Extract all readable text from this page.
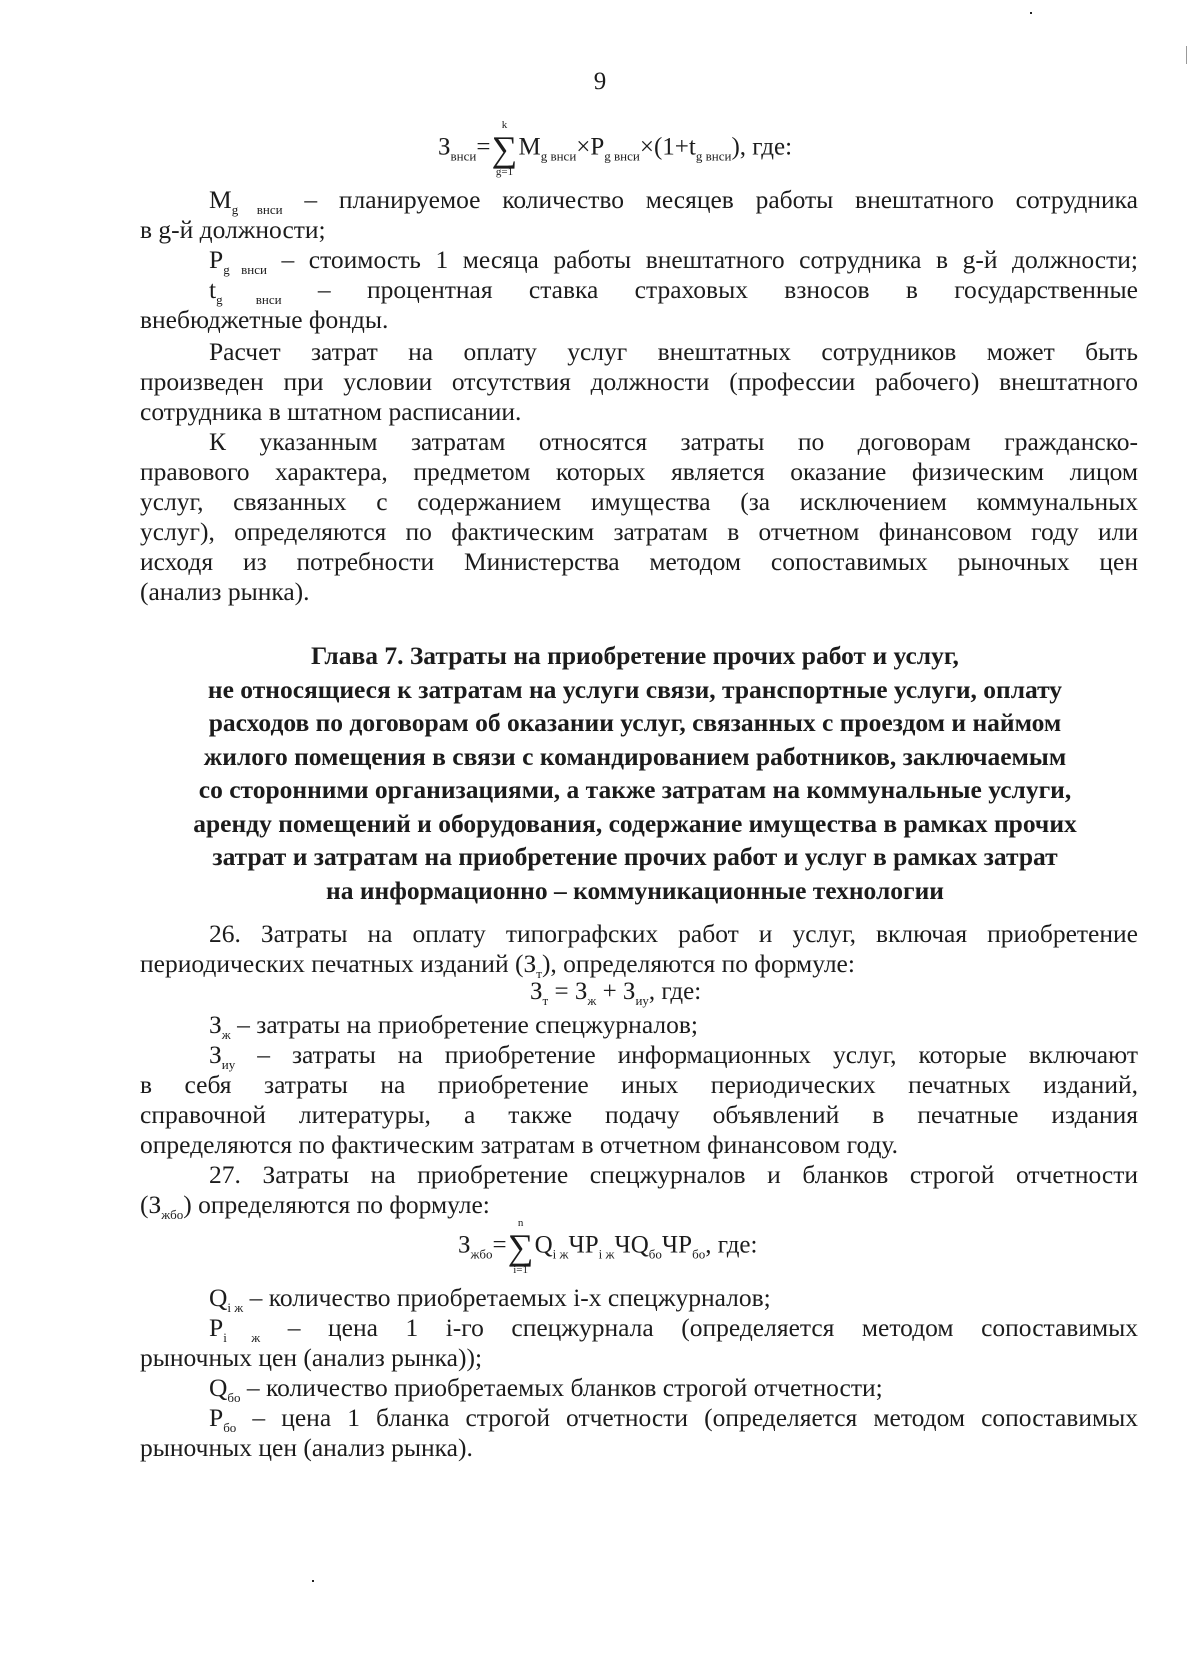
9
$З_{внси}=$
k
∑
g=1
$M_{g внси}\times P_{g внси}\times(1+t_{g внси})$, где:
$M_{g внси}$ – планируемое количество месяцев работы внештатного сотрудника
в g-й должности;
$P_{g внси}$ – стоимость 1 месяца работы внештатного сотрудника в g-й должности;
$t_{g внси}$ – процентная ставка страховых взносов в государственные
внебюджетные фонды.
Расчет затрат на оплату услуг внештатных сотрудников может быть
произведен при условии отсутствия должности (профессии рабочего) внештатного
сотрудника в штатном расписании.
К указанным затратам относятся затраты по договорам гражданско-
правового характера, предметом которых является оказание физическим лицом
услуг, связанных с содержанием имущества (за исключением коммунальных
услуг), определяются по фактическим затратам в отчетном финансовом году или
исходя из потребности Министерства методом сопоставимых рыночных цен
(анализ рынка).
Глава 7. Затраты на приобретение прочих работ и услуг,
не относящиеся к затратам на услуги связи, транспортные услуги, оплату
расходов по договорам об оказании услуг, связанных с проездом и наймом
жилого помещения в связи с командированием работников, заключаемым
со сторонними организациями, а также затратам на коммунальные услуги,
аренду помещений и оборудования, содержание имущества в рамках прочих
затрат и затратам на приобретение прочих работ и услуг в рамках затрат
на информационно – коммуникационные технологии
26. Затраты на оплату типографских работ и услуг, включая приобретение
периодических печатных изданий $(З_т)$, определяются по формуле:
$З_т = З_ж + З_{иу}$, где:
$З_ж$ – затраты на приобретение спецжурналов;
$З_{иу}$ – затраты на приобретение информационных услуг, которые включают
в себя затраты на приобретение иных периодических печатных изданий,
справочной литературы, а также подачу объявлений в печатные издания
определяются по фактическим затратам в отчетном финансовом году.
27. Затраты на приобретение спецжурналов и бланков строгой отчетности
$(З_{жбо})$ определяются по формуле:
$З_{жбо}=$
n
∑
i=1
$Q_{i ж}ЧP_{i ж}ЧQ_{бо}ЧP_{бо}$, где:
$Q_{i ж}$ – количество приобретаемых i-х спецжурналов;
$P_{i ж}$ – цена 1 i-го спецжурнала (определяется методом сопоставимых
рыночных цен (анализ рынка));
$Q_{бо}$ – количество приобретаемых бланков строгой отчетности;
$P_{бо}$ – цена 1 бланка строгой отчетности (определяется методом сопоставимых
рыночных цен (анализ рынка).
